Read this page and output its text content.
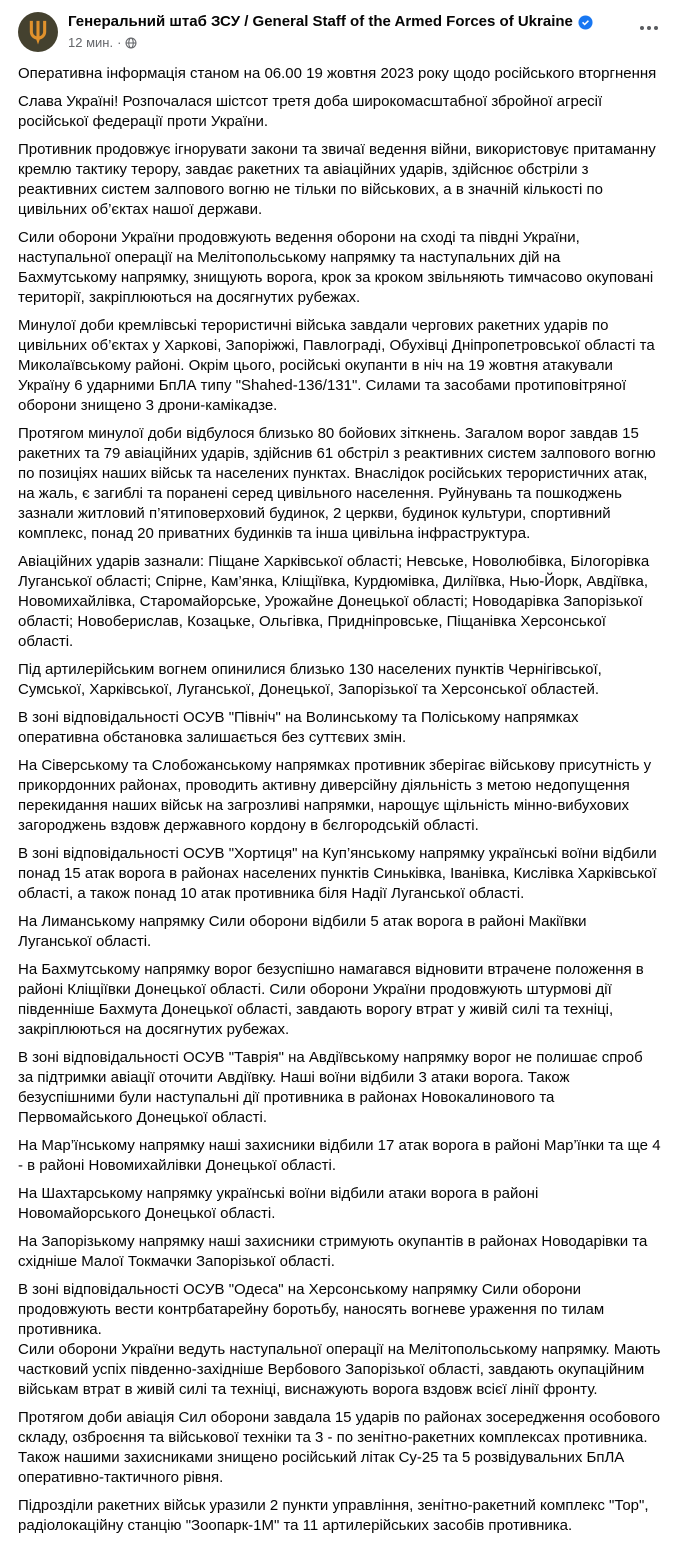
Генеральний штаб ЗСУ / General Staff of the Armed Forces of Ukraine
12 мин. ·

Оперативна інформація станом на 06.00 19 жовтня 2023 року щодо російського вторгнення

Слава Україні! Розпочалася шістсот третя доба широкомасштабної збройної агресії російської федерації проти України.

Противник продовжує ігнорувати закони та звичаї ведення війни, використовує притаманну кремлю тактику терору, завдає ракетних та авіаційних ударів, здійснює обстріли з реактивних систем залпового вогню не тільки по військових, а в значній кількості по цивільних об’єктах нашої держави.

Сили оборони України продовжують ведення оборони на сході та півдні України, наступальної операції на Мелітопольському напрямку та наступальних дій на Бахмутському напрямку, знищують ворога, крок за кроком звільняють тимчасово окуповані території, закріплюються на досягнутих рубежах.

Минулої доби кремлівські терористичні війська завдали чергових ракетних ударів по цивільних об’єктах у Харкові, Запоріжжі, Павлограді, Обухівці Дніпропетровської області та Миколаївському районі. Окрім цього, російські окупанти в ніч на 19 жовтня атакували Україну 6 ударними БпЛА типу "Shahed-136/131". Силами та засобами протиповітряної оборони знищено 3 дрони-камікадзе.

Протягом минулої доби відбулося близько 80 бойових зіткнень. Загалом ворог завдав 15 ракетних та 79 авіаційних ударів, здійснив 61 обстріл з реактивних систем залпового вогню по позиціях наших військ та населених пунктах. Внаслідок російських терористичних атак, на жаль, є загиблі та поранені серед цивільного населення. Руйнувань та пошкоджень зазнали житловий п’ятиповерховий будинок, 2 церкви, будинок культури, спортивний комплекс, понад 20 приватних будинків та інша цивільна інфраструктура.

Авіаційних ударів зазнали: Піщане Харківської області; Невське, Новолюбівка, Білогорівка Луганської області; Спірне, Кам’янка, Кліщіївка, Курдюмівка, Диліївка, Нью-Йорк, Авдіївка, Новомихайлівка, Старомайорське, Урожайне Донецької області; Новодарівка Запорізької області; Новоберислав, Козацьке, Ольгівка, Придніпровське, Піщанівка Херсонської області.

Під артилерійським вогнем опинилися близько 130 населених пунктів Чернігівської, Сумської, Харківської, Луганської, Донецької, Запорізької та Херсонської областей.

В зоні відповідальності ОСУВ "Північ" на Волинському та Поліському напрямках оперативна обстановка залишається без суттєвих змін.

На Сіверському та Слобожанському напрямках противник зберігає військову присутність у прикордонних районах, проводить активну диверсійну діяльність з метою недопущення перекидання наших військ на загрозливі напрямки, нарощує щільність мінно-вибухових загороджень вздовж державного кордону в бєлгородській області.

В зоні відповідальності ОСУВ "Хортиця" на Куп’янському напрямку українські воїни відбили понад 15 атак ворога в районах населених пунктів Синьківка, Іванівка, Кислівка Харківської області, а також понад 10 атак противника біля Надії Луганської області.

На Лиманському напрямку Сили оборони відбили 5 атак ворога в районі Макіївки Луганської області.

На Бахмутському напрямку ворог безуспішно намагався відновити втрачене положення в районі Кліщіївки Донецької області. Сили оборони України продовжують штурмові дії південніше Бахмута Донецької області, завдають ворогу втрат у живій силі та техніці, закріплюються на досягнутих рубежах.

В зоні відповідальності ОСУВ "Таврія" на Авдіївському напрямку ворог не полишає спроб за підтримки авіації оточити Авдіївку. Наші воїни відбили 3 атаки ворога. Також безуспішними були наступальні дії противника в районах Новокалинового та Первомайського Донецької області.

На Мар’їнському напрямку наші захисники відбили 17 атак ворога в районі Мар’їнки та ще 4 - в районі Новомихайлівки Донецької області.

На Шахтарському напрямку українські воїни відбили атаки ворога в районі Новомайорського Донецької області.

На Запорізькому напрямку наші захисники стримують окупантів в районах Новодарівки та східніше Малої Токмачки Запорізької області.

В зоні відповідальності ОСУВ "Одеса" на Херсонському напрямку Сили оборони продовжують вести контрбатарейну боротьбу, наносять вогневе ураження по тилам противника.

Сили оборони України ведуть наступальної операції на Мелітопольському напрямку. Мають частковий успіх південно-західніше Вербового Запорізької області, завдають окупаційним військам втрат в живій силі та техніці, виснажують ворога вздовж всієї лінії фронту.

Протягом доби авіація Сил оборони завдала 15 ударів по районах зосередження особового складу, озброєння та військової техніки та 3 - по зенітно-ракетних комплексах противника. Також нашими захисниками знищено російський літак Су-25 та 5 розвідувальних БпЛА оперативно-тактичного рівня.

Підрозділи ракетних військ уразили 2 пункти управління, зенітно-ракетний комплекс "Тор", радіолокаційну станцію "Зоопарк-1М" та 11 артилерійських засобів противника.
